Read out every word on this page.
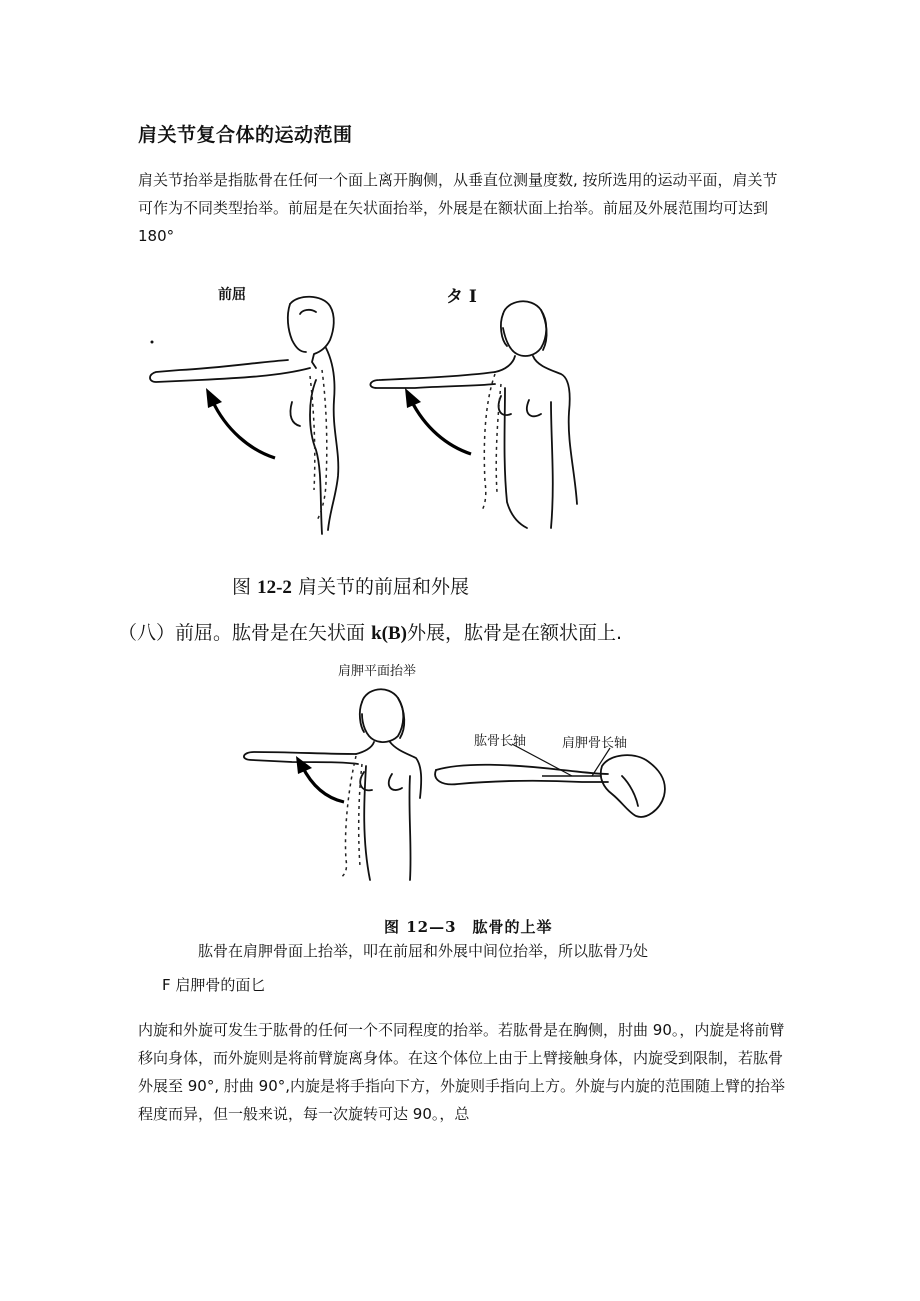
肩关节复合体的运动范围
肩关节抬举是指肱骨在任何一个面上离开胸侧，从垂直位测量度数, 按所选用的运动平面，肩关节可作为不同类型抬举。前屈是在矢状面抬举，外展是在额状面上抬举。前屈及外展范围均可达到 180°
前屈	タ I
图 12-2 肩关节的前屈和外展
（八）前屈。肱骨是在矢状面 k(B)外展，肱骨是在额状面上.
肩胛平面抬举
肱骨长轴	肩胛骨长轴
图 12—3　肱骨的上举
肱骨在肩胛骨面上抬举，叩在前屈和外展中间位抬举，所以肱骨乃处
F 启胛骨的面匕
内旋和外旋可发生于肱骨的任何一个不同程度的抬举。若肱骨是在胸侧，肘曲 90。，内旋是将前臂移向身体，而外旋则是将前臂旋离身体。在这个体位上由于上臂接触身体，内旋受到限制，若肱骨外展至 90°, 肘曲 90°,内旋是将手指向下方，外旋则手指向上方。外旋与内旋的范围随上臂的抬举程度而异，但一般来说，每一次旋转可达 90。，总
